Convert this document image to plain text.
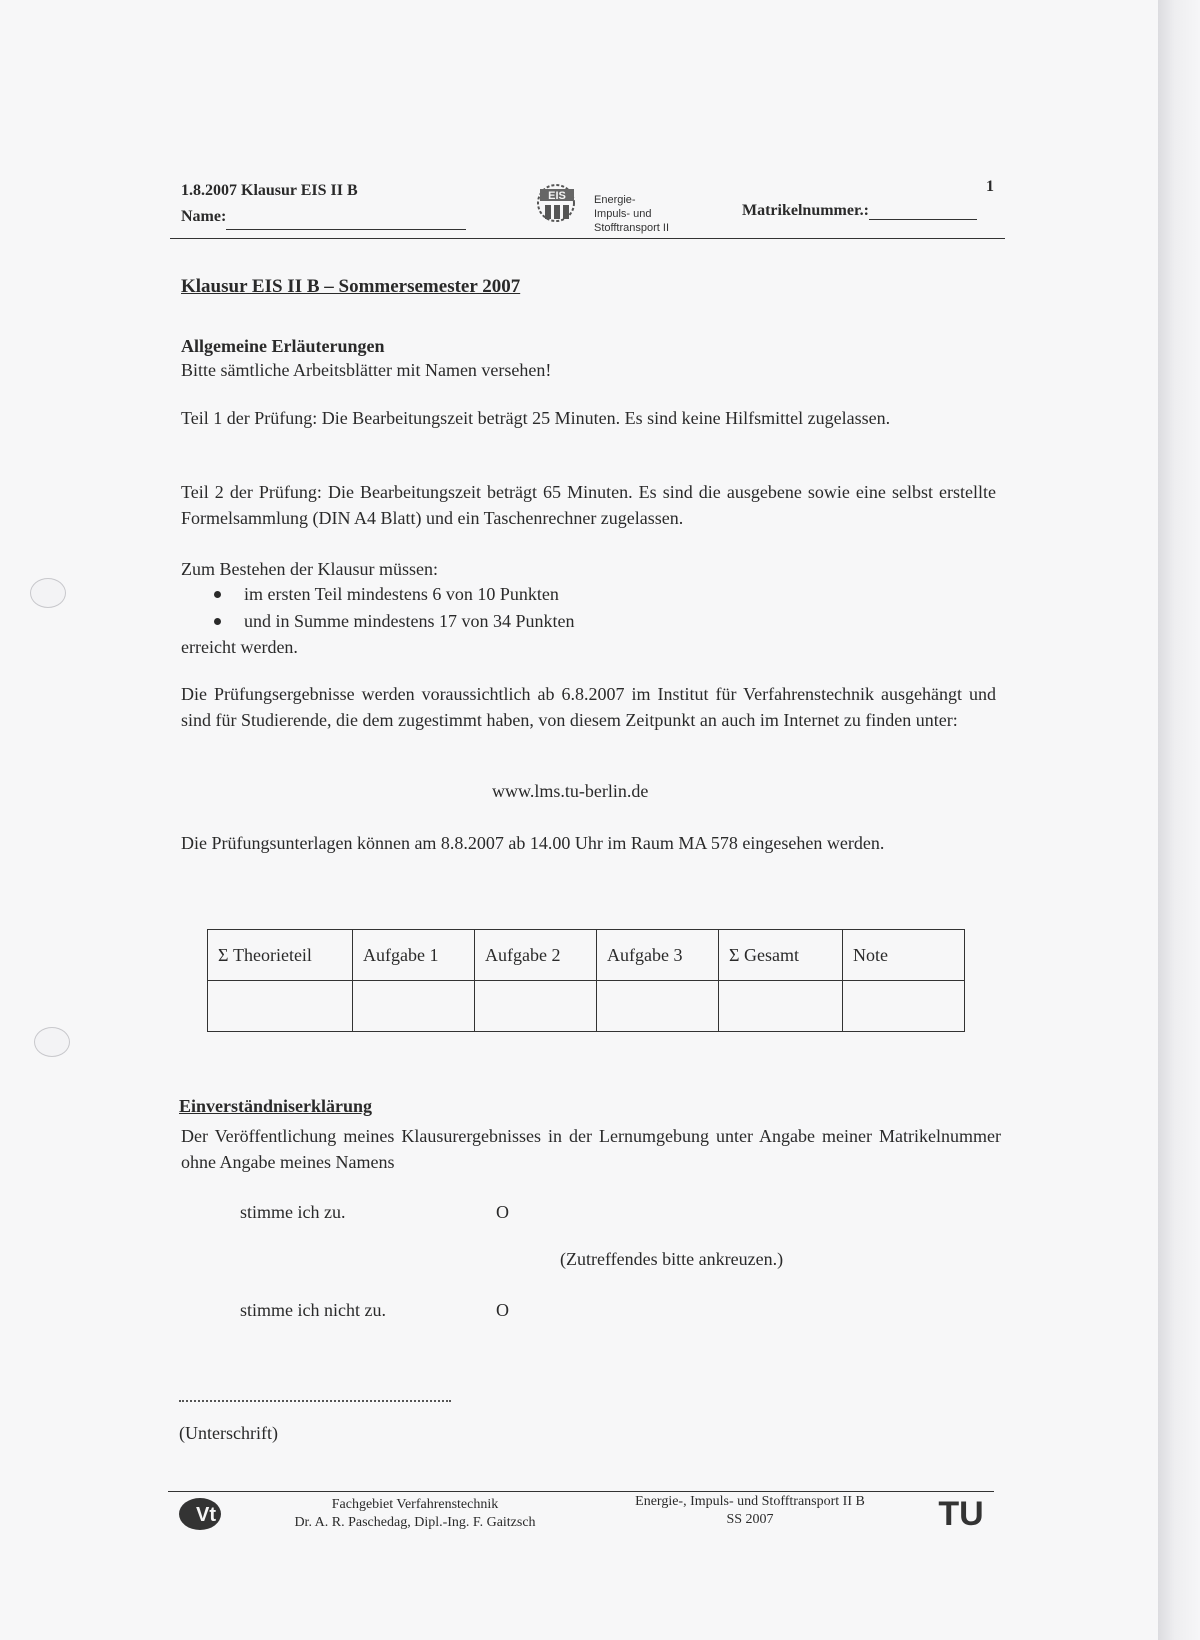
1.8.2007 Klausur EIS II B
Name:
EIS	Energie-
Impuls- und
Stofftransport II
1
Matrikelnummer.:
Klausur EIS II B – Sommersemester 2007
Allgemeine Erläuterungen
Bitte sämtliche Arbeitsblätter mit Namen versehen!
Teil 1 der Prüfung: Die Bearbeitungszeit beträgt 25 Minuten. Es sind keine Hilfsmittel zugelassen.
Teil 2 der Prüfung: Die Bearbeitungszeit beträgt 65 Minuten. Es sind die ausgebene sowie eine selbst erstellte Formelsammlung (DIN A4 Blatt) und ein Taschenrechner zugelassen.
Zum Bestehen der Klausur müssen:
im ersten Teil mindestens 6 von 10 Punkten
und in Summe mindestens 17 von 34 Punkten
erreicht werden.
Die Prüfungsergebnisse werden voraussichtlich ab 6.8.2007 im Institut für Verfahrenstechnik ausgehängt und sind für Studierende, die dem zugestimmt haben, von diesem Zeitpunkt an auch im Internet zu finden unter:
www.lms.tu-berlin.de
Die Prüfungsunterlagen können am 8.8.2007 ab 14.00 Uhr im Raum MA 578 eingesehen werden.
Σ Theorieteil	Aufgabe 1	Aufgabe 2	Aufgabe 3	Σ Gesamt	Note

Einverständniserklärung
Der Veröffentlichung meines Klausurergebnisses in der Lernumgebung unter Angabe meiner Matrikelnummer ohne Angabe meines Namens
stimme ich zu.	O
(Zutreffendes bitte ankreuzen.)
stimme ich nicht zu.	O
(Unterschrift)
Vt	Fachgebiet Verfahrenstechnik
Dr. A. R. Paschedag, Dipl.-Ing. F. Gaitzsch
Energie-, Impuls- und Stofftransport II B
SS 2007	TU
